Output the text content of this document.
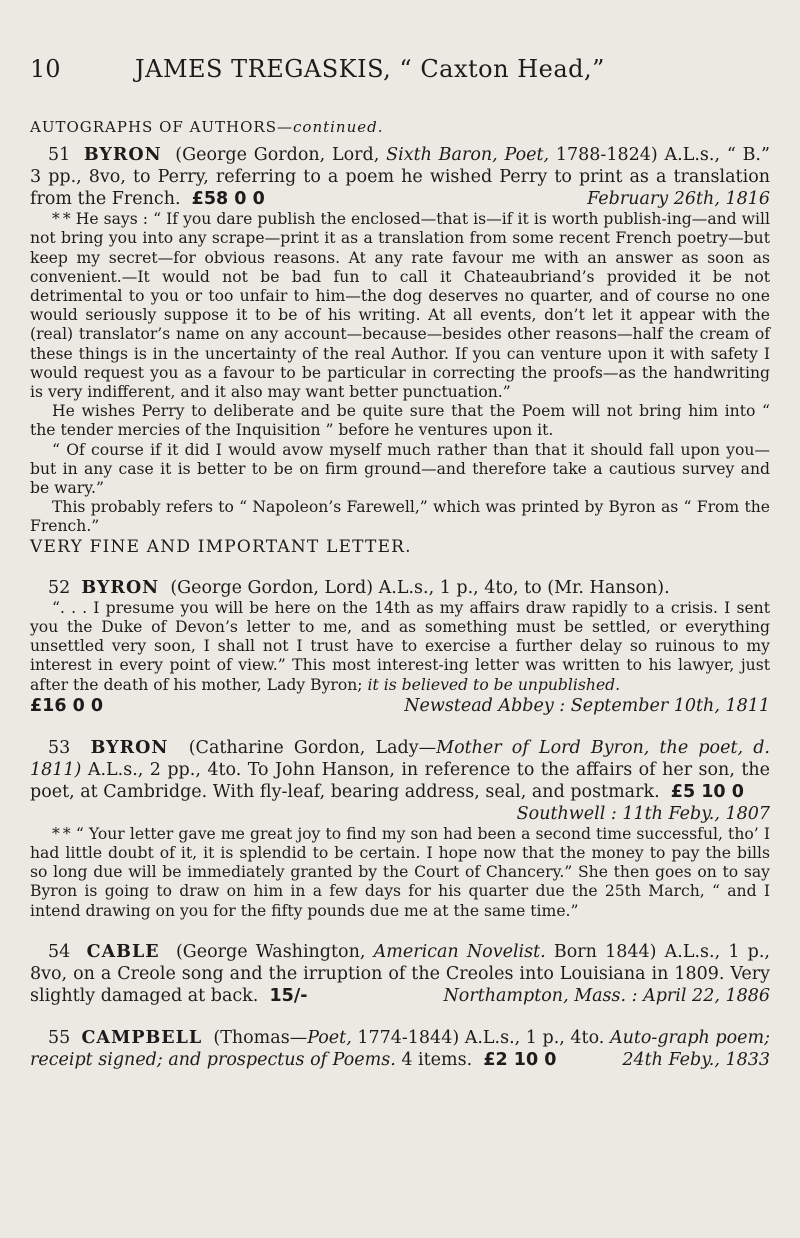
10	JAMES TREGASKIS, “ Caxton Head,”
AUTOGRAPHS OF AUTHORS—continued.

51 BYRON (George Gordon, Lord, Sixth Baron, Poet, 1788-1824) A.L.s., “ B.” 3 pp., 8vo, to Perry, referring to a poem he wished Perry to print as a translation from the French. £58 0 0	February 26th, 1816

* * He says : “ If you dare publish the enclosed—that is—if it is worth publish-ing—and will not bring you into any scrape—print it as a translation from some recent French poetry—but keep my secret—for obvious reasons. At any rate favour me with an answer as soon as convenient.—It would not be bad fun to call it Chateaubriand’s provided it be not detrimental to you or too unfair to him—the dog deserves no quarter, and of course no one would seriously suppose it to be of his writing. At all events, don’t let it appear with the (real) translator’s name on any account—because—besides other reasons—half the cream of these things is in the uncertainty of the real Author. If you can venture upon it with safety I would request you as a favour to be particular in correcting the proofs—as the handwriting is very indifferent, and it also may want better punctuation.”

He wishes Perry to deliberate and be quite sure that the Poem will not bring him into “ the tender mercies of the Inquisition ” before he ventures upon it.

“ Of course if it did I would avow myself much rather than that it should fall upon you—but in any case it is better to be on firm ground—and therefore take a cautious survey and be wary.”

This probably refers to “ Napoleon’s Farewell,” which was printed by Byron as “ From the French.”

VERY FINE AND IMPORTANT LETTER.

52 BYRON (George Gordon, Lord) A.L.s., 1 p., 4to, to (Mr. Hanson).

“. . . I presume you will be here on the 14th as my affairs draw rapidly to a crisis. I sent you the Duke of Devon’s letter to me, and as something must be settled, or everything unsettled very soon, I shall not I trust have to exercise a further delay so ruinous to my interest in every point of view.” This most interest-ing letter was written to his lawyer, just after the death of his mother, Lady Byron; it is believed to be unpublished.

£16 0 0	Newstead Abbey : September 10th, 1811

53 BYRON (Catharine Gordon, Lady—Mother of Lord Byron, the poet, d. 1811) A.L.s., 2 pp., 4to. To John Hanson, in reference to the affairs of her son, the poet, at Cambridge. With fly-leaf, bearing address, seal, and postmark. £5 10 0
Southwell : 11th Feby., 1807

* * “ Your letter gave me great joy to find my son had been a second time successful, tho’ I had little doubt of it, it is splendid to be certain. I hope now that the money to pay the bills so long due will be immediately granted by the Court of Chancery.” She then goes on to say Byron is going to draw on him in a few days for his quarter due the 25th March, “ and I intend drawing on you for the fifty pounds due me at the same time.”

54 CABLE (George Washington, American Novelist. Born 1844) A.L.s., 1 p., 8vo, on a Creole song and the irruption of the Creoles into Louisiana in 1809. Very slightly damaged at back. 15/-	Northampton, Mass. : April 22, 1886

55 CAMPBELL (Thomas—Poet, 1774-1844) A.L.s., 1 p., 4to. Auto-graph poem; receipt signed; and prospectus of Poems. 4 items. £2 10 0	24th Feby., 1833
